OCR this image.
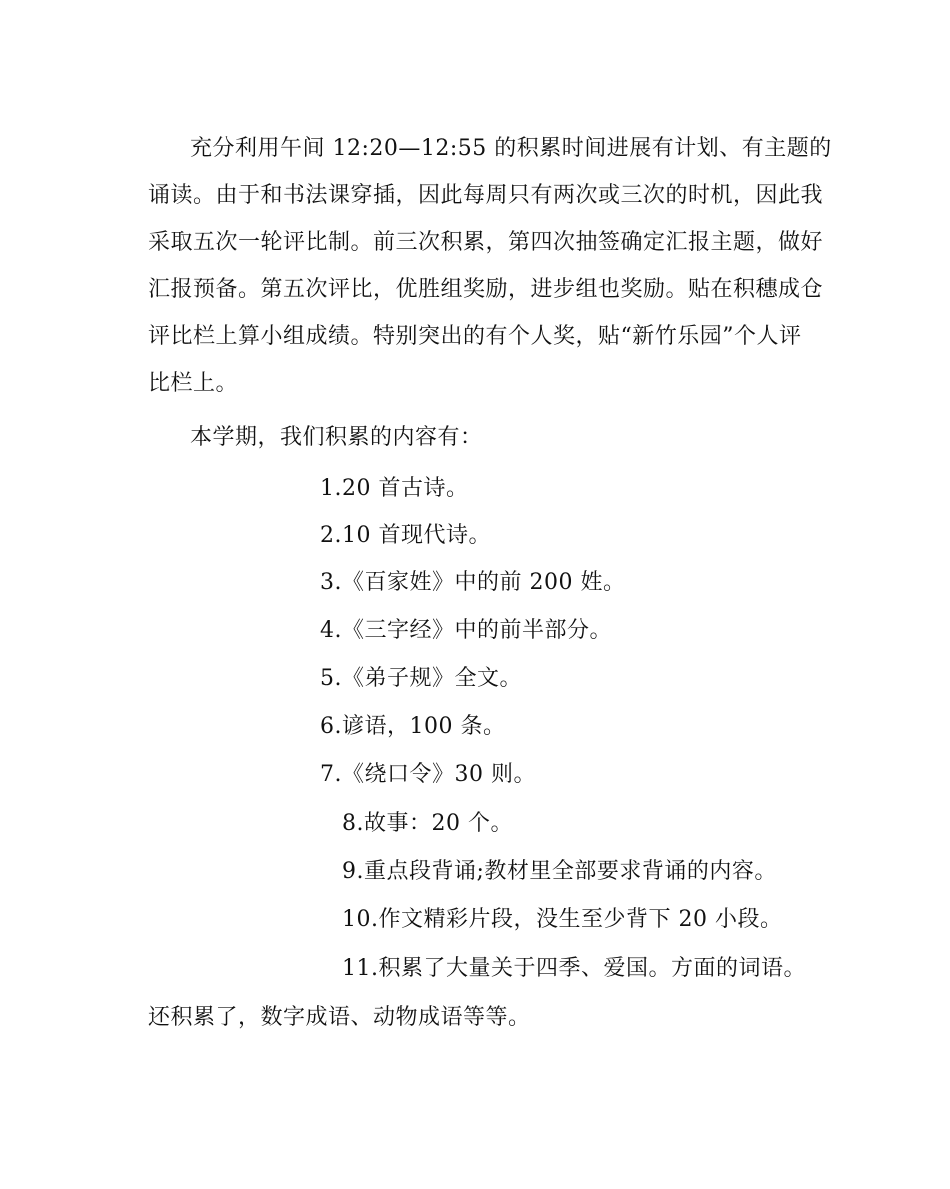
充分利用午间 12:20—12:55 的积累时间进展有计划、有主题的
诵读。由于和书法课穿插，因此每周只有两次或三次的时机，因此我
采取五次一轮评比制。前三次积累，第四次抽签确定汇报主题，做好
汇报预备。第五次评比，优胜组奖励，进步组也奖励。贴在积穗成仓
评比栏上算小组成绩。特别突出的有个人奖，贴“新竹乐园”个人评
比栏上。
本学期，我们积累的内容有：
1.20 首古诗。
2.10 首现代诗。
3.《百家姓》中的前 200 姓。
4.《三字经》中的前半部分。
5.《弟子规》全文。
6.谚语，100 条。
7.《绕口令》30 则。
8.故事：20 个。
9.重点段背诵;教材里全部要求背诵的内容。
10.作文精彩片段，没生至少背下 20 小段。
11.积累了大量关于四季、爱国。方面的词语。
还积累了，数字成语、动物成语等等。
